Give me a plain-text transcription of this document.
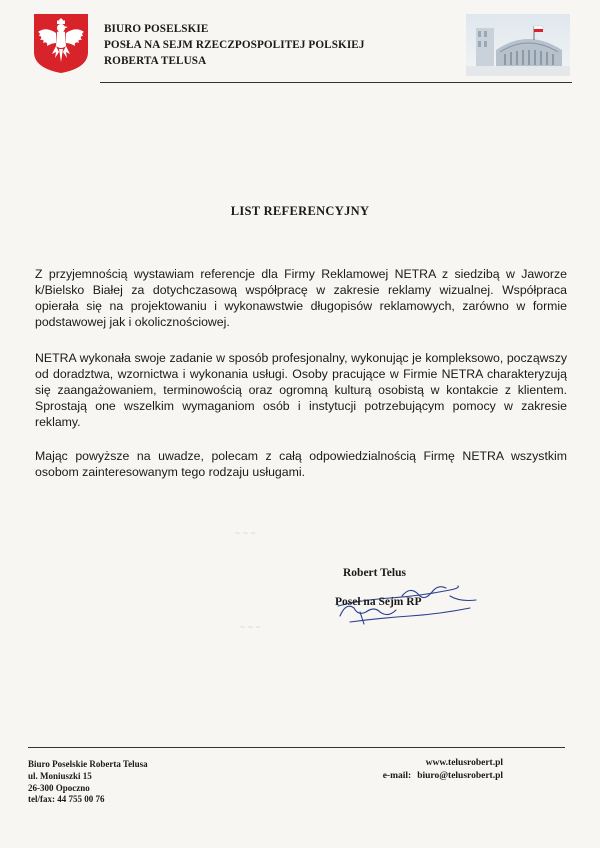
BIURO POSELSKIE
POSŁA NA SEJM RZECZPOSPOLITEJ POLSKIEJ
ROBERTA TELUSA
LIST REFERENCYJNY
Z przyjemnością wystawiam referencje dla Firmy Reklamowej NETRA z siedzibą w Jaworze k/Bielsko Białej za dotychczasową współpracę w zakresie reklamy wizualnej. Współpraca opierała się na projektowaniu i wykonawstwie długopisów reklamowych, zarówno w formie podstawowej jak i okolicznościowej.
NETRA wykonała swoje zadanie w sposób profesjonalny, wykonując je kompleksowo, począwszy od doradztwa, wzornictwa i wykonania usługi. Osoby pracujące w Firmie NETRA charakteryzują się zaangażowaniem, terminowością oraz ogromną kulturą osobistą w kontakcie z klientem. Sprostają one wszelkim wymaganiom osób i instytucji potrzebującym pomocy w zakresie reklamy.
Mając powyższe na uwadze, polecam z całą odpowiedzialnością Firmę NETRA wszystkim osobom zainteresowanym tego rodzaju usługami.
~ ~ ~
~ ~ ~
Robert Telus
Poseł na Sejm RP
Biuro Poselskie Roberta Telusa
ul. Moniuszki 15
26-300 Opoczno
tel/fax: 44 755 00 76
www.telusrobert.pl
e-mail: biuro@telusrobert.pl
